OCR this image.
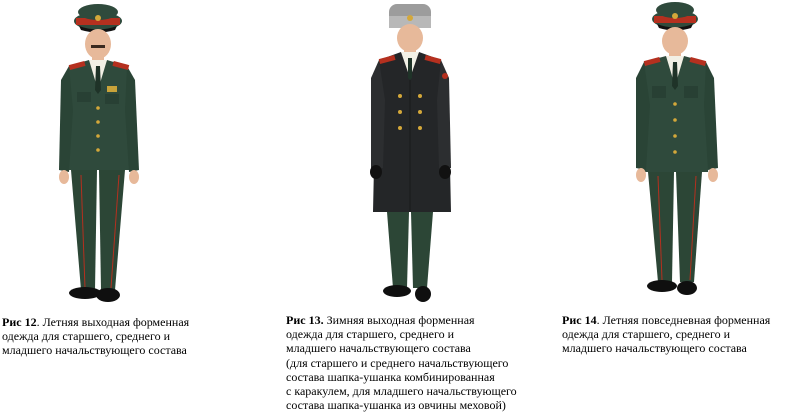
Рис 12. Летняя выходная форменная
одежда для старшего, среднего и
младшего начальствующего состава
Рис 13. Зимняя выходная форменная
одежда для старшего, среднего и
младшего начальствующего состава
(для старшего и среднего начальствующего
состава шапка-ушанка комбинированная
с каракулем, для младшего начальствующего
состава шапка-ушанка из овчины меховой)
Рис 14. Летняя повседневная форменная
одежда для старшего, среднего и
младшего начальствующего состава
